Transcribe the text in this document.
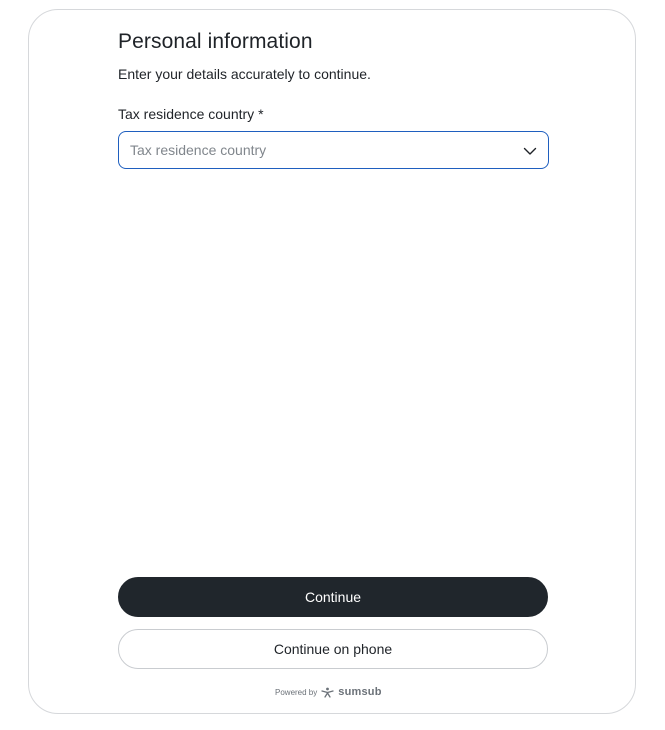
Personal information

Enter your details accurately to continue.

Tax residence country *
Tax residence country
Continue
Continue on phone
Powered by sumsub
